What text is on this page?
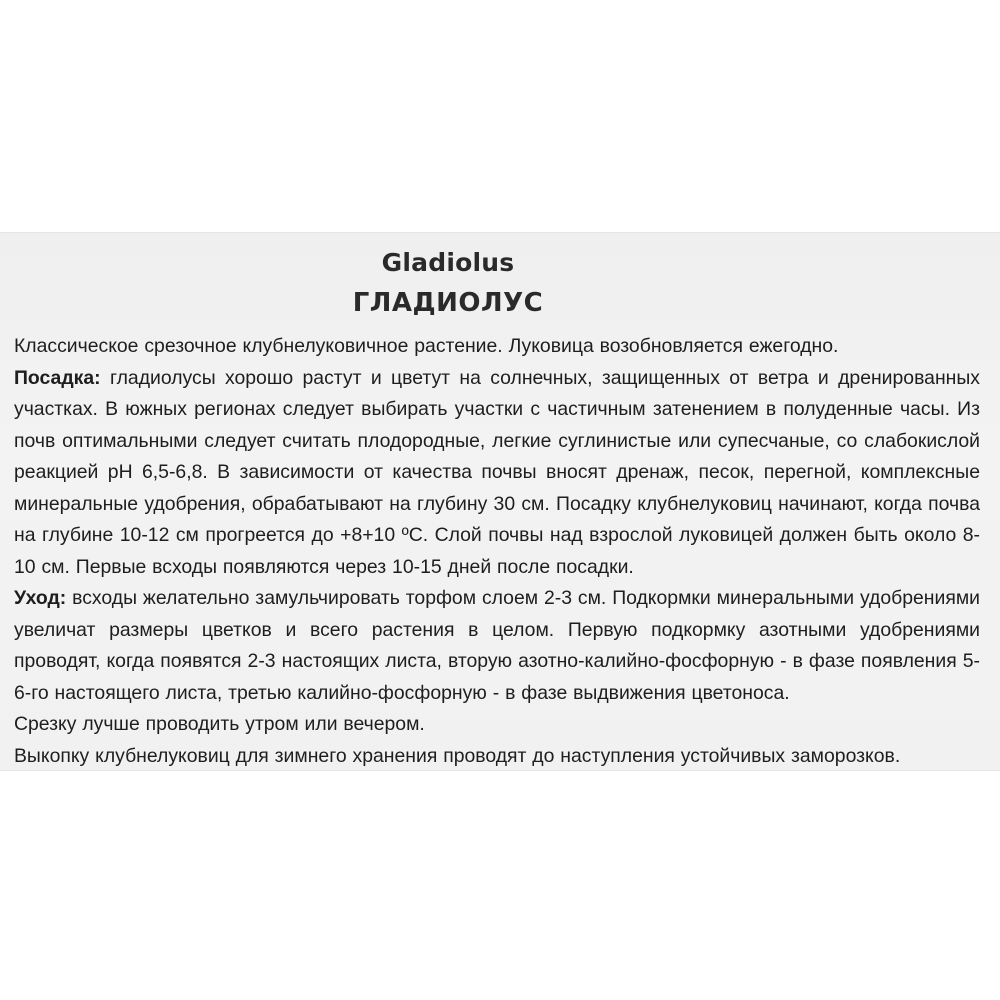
Gladiolus
ГЛАДИОЛУС

Классическое срезочное клубнелуковичное растение. Луковица возобновляется ежегодно.

Посадка: гладиолусы хорошо растут и цветут на солнечных, защищенных от ветра и дренированных участках. В южных регионах следует выбирать участки с частичным затенением в полуденные часы. Из почв оптимальными следует считать плодородные, легкие суглинистые или супесчаные, со слабокислой реакцией pH 6,5-6,8. В зависимости от качества почвы вносят дренаж, песок, перегной, комплексные минеральные удобрения, обрабатывают на глубину 30 см. Посадку клубнелуковиц начинают, когда почва на глубине 10-12 см прогреется до +8+10 ºС. Слой почвы над взрослой луковицей должен быть около 8-10 см. Первые всходы появляются через 10-15 дней после посадки.

Уход: всходы желательно замульчировать торфом слоем 2-3 см. Подкормки минеральными удобрениями увеличат размеры цветков и всего растения в целом. Первую подкормку азотными удобрениями проводят, когда появятся 2-3 настоящих листа, вторую азотно-калийно-фосфорную - в фазе появления 5-6-го настоящего листа, третью калийно-фосфорную - в фазе выдвижения цветоноса.

Срезку лучше проводить утром или вечером.

Выкопку клубнелуковиц для зимнего хранения проводят до наступления устойчивых заморозков.
